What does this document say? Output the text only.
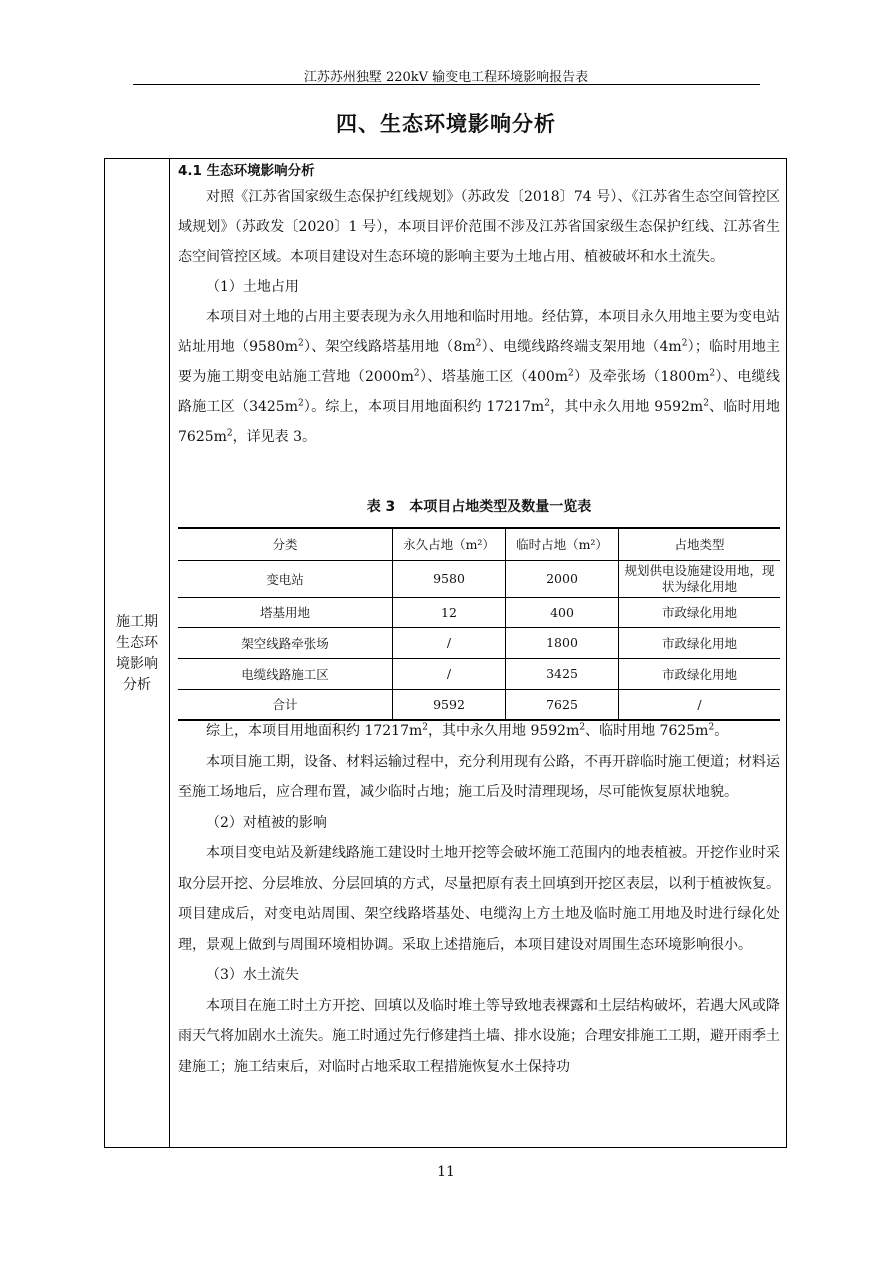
江苏苏州独墅 220kV 输变电工程环境影响报告表
四、生态环境影响分析
施工期
生态环
境影响
分析

4.1 生态环境影响分析

对照《江苏省国家级生态保护红线规划》（苏政发〔2018〕74 号）、《江苏省生态空间管控区域规划》（苏政发〔2020〕1 号），本项目评价范围不涉及江苏省国家级生态保护红线、江苏省生态空间管控区域。本项目建设对生态环境的影响主要为土地占用、植被破坏和水土流失。

（1）土地占用

本项目对土地的占用主要表现为永久用地和临时用地。经估算，本项目永久用地主要为变电站站址用地$(9580m^2)$、架空线路塔基用地$(8m^2)$、电缆线路终端支架用地$(4m^2)$；临时用地主要为施工期变电站施工营地$(2000m^2)$、塔基施工区$(400m^2)$及牵张场$(1800m^2)$、电缆线路施工区$(3425m^2)$。综上，本项目用地面积约 $17217m^2$，其中永久用地 $9592m^2$、临时用地 $7625m^2$，详见表 3。

表 3　本项目占地类型及数量一览表
分类	永久占地（m²）	临时占地（m²）	占地类型
变电站	9580	2000	规划供电设施建设用地，现状为绿化用地
塔基用地	12	400	市政绿化用地
架空线路牵张场	/	1800	市政绿化用地
电缆线路施工区	/	3425	市政绿化用地
合计	9592	7625	/

综上，本项目用地面积约 $17217m^2$，其中永久用地 $9592m^2$、临时用地 $7625m^2$。

本项目施工期，设备、材料运输过程中，充分利用现有公路，不再开辟临时施工便道；材料运至施工场地后，应合理布置，减少临时占地；施工后及时清理现场，尽可能恢复原状地貌。

（2）对植被的影响

本项目变电站及新建线路施工建设时土地开挖等会破坏施工范围内的地表植被。开挖作业时采取分层开挖、分层堆放、分层回填的方式，尽量把原有表土回填到开挖区表层，以利于植被恢复。项目建成后，对变电站周围、架空线路塔基处、电缆沟上方土地及临时施工用地及时进行绿化处理，景观上做到与周围环境相协调。采取上述措施后，本项目建设对周围生态环境影响很小。

（3）水土流失

本项目在施工时土方开挖、回填以及临时堆土等导致地表裸露和土层结构破坏，若遇大风或降雨天气将加剧水土流失。施工时通过先行修建挡土墙、排水设施；合理安排施工工期，避开雨季土建施工；施工结束后，对临时占地采取工程措施恢复水土保持功

11
